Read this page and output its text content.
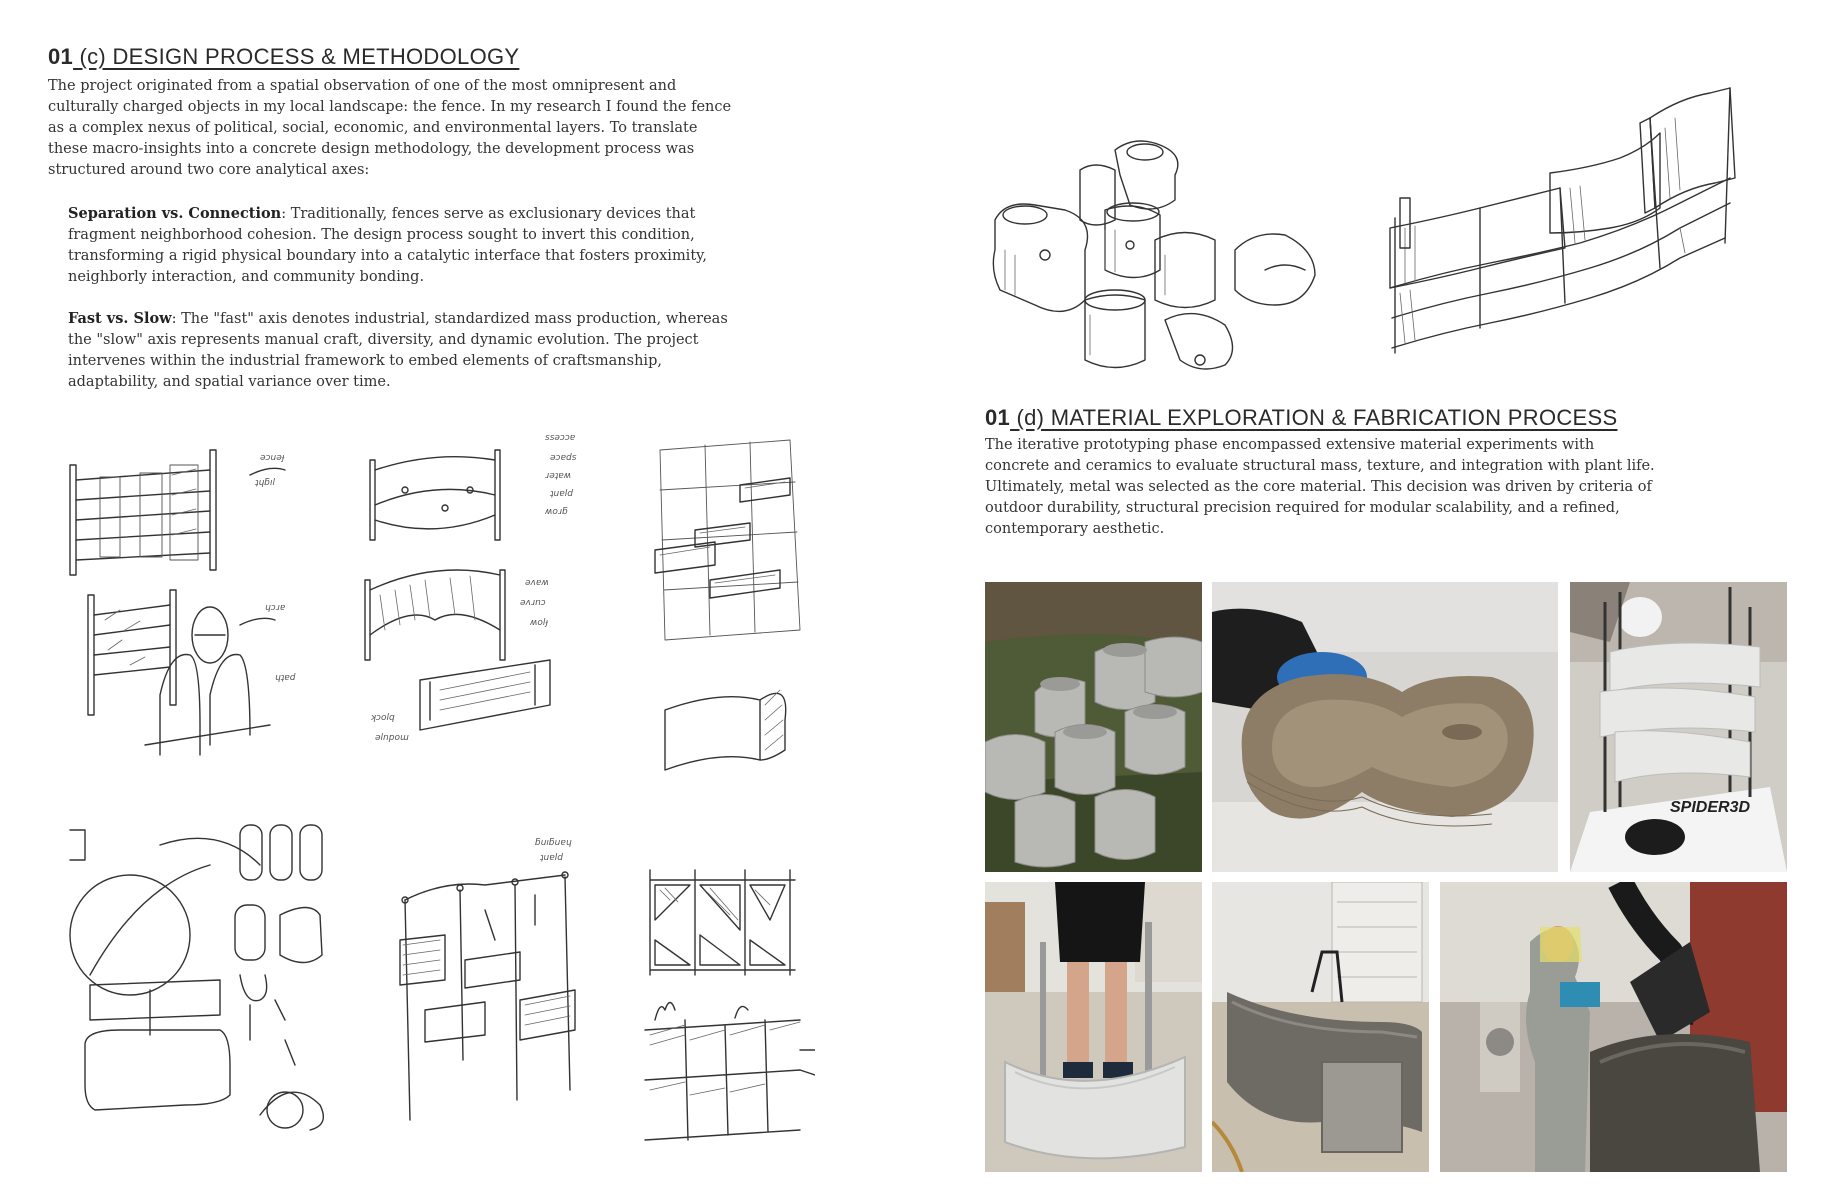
01 (c) DESIGN PROCESS & METHODOLOGY
The project originated from a spatial observation of one of the most omnipresent and culturally charged objects in my local landscape: the fence. In my research I found the fence as a complex nexus of political, social, economic, and environmental layers. To translate these macro-insights into a concrete design methodology, the development process was structured around two core analytical axes:
Separation vs. Connection: Traditionally, fences serve as exclusionary devices that fragment neighborhood cohesion. The design process sought to invert this condition, transforming a rigid physical boundary into a catalytic interface that fosters proximity, neighborly interaction, and community bonding.
Fast vs. Slow: The "fast" axis denotes industrial, standardized mass production, whereas the "slow" axis represents manual craft, diversity, and dynamic evolution. The project intervenes within the industrial framework to embed elements of craftsmanship, adaptability, and spatial variance over time.
ǝɔuǝɟ
ʇɥƃıl
ɥɔɹɐ
ɥʇɐd
ssǝɔɔɐ
ǝɔɐds
ɹǝʇɐʍ
ʇuɐld
ʍoɹƃ
ǝʌɐʍ
ǝʌɹnɔ
ʍolɟ
ʞɔolq
ǝlnpoɯ
ƃuıƃuɐɥ
ʇuɐld
01 (d) MATERIAL EXPLORATION & FABRICATION PROCESS
The iterative prototyping phase encompassed extensive material experiments with concrete and ceramics to evaluate structural mass, texture, and integration with plant life. Ultimately, metal was selected as the core material. This decision was driven by criteria of outdoor durability, structural precision required for modular scalability, and a refined, contemporary aesthetic.
SPIDER3D
